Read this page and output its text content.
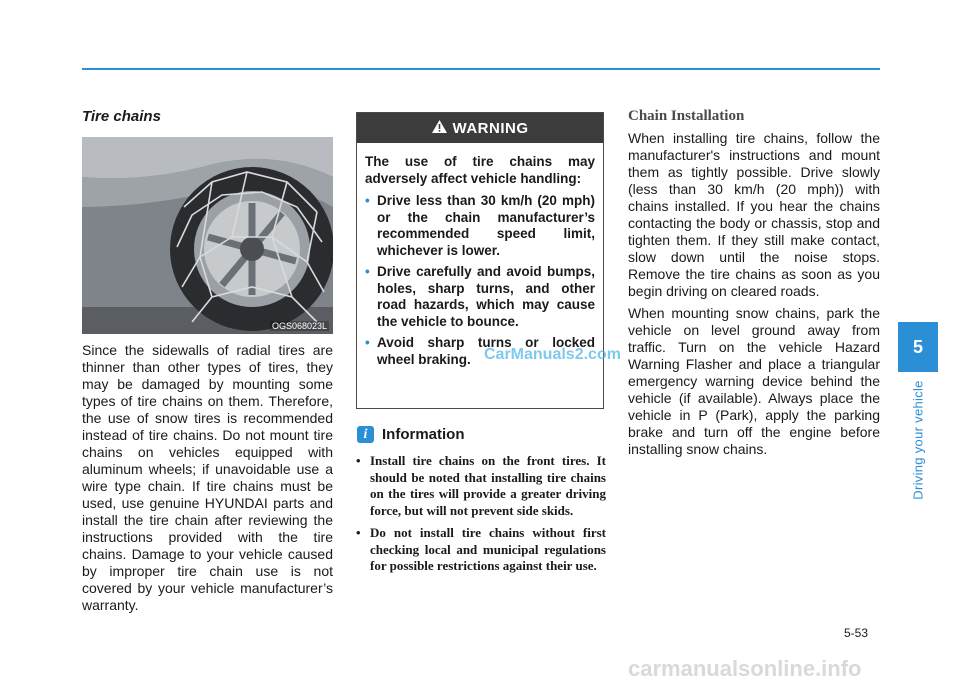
Tire chains
OGS068023L

Since the sidewalls of radial tires are thinner than other types of tires, they may be damaged by mounting some types of tire chains on them. Therefore, the use of snow tires is recommended instead of tire chains. Do not mount tire chains on vehicles equipped with aluminum wheels; if unavoidable use a wire type chain. If tire chains must be used, use genuine HYUNDAI parts and install the tire chain after reviewing the instructions provided with the tire chains. Damage to your vehicle caused by improper tire chain use is not covered by your vehicle manufacturer’s warranty.

WARNING

The use of tire chains may adversely affect vehicle handling:

• Drive less than 30 km/h (20 mph) or the chain manufacturer’s recommended speed limit, whichever is lower.
• Drive carefully and avoid bumps, holes, sharp turns, and other road hazards, which may cause the vehicle to bounce.
• Avoid sharp turns or locked wheel braking. CarManuals2.com
i Information
• Install tire chains on the front tires. It should be noted that installing tire chains on the tires will provide a greater driving force, but will not prevent side skids.
• Do not install tire chains without first checking local and municipal regulations for possible restrictions against their use.
Chain Installation

When installing tire chains, follow the manufacturer's instructions and mount them as tightly possible. Drive slowly (less than 30 km/h (20 mph)) with chains installed. If you hear the chains contacting the body or chassis, stop and tighten them. If they still make contact, slow down until the noise stops. Remove the tire chains as soon as you begin driving on cleared roads.

When mounting snow chains, park the vehicle on level ground away from traffic. Turn on the vehicle Hazard Warning Flasher and place a triangular emergency warning device behind the vehicle (if available). Always place the vehicle in P (Park), apply the parking brake and turn off the engine before installing snow chains.

5
Driving your vehicle
5-53
carmanualsonline.info
